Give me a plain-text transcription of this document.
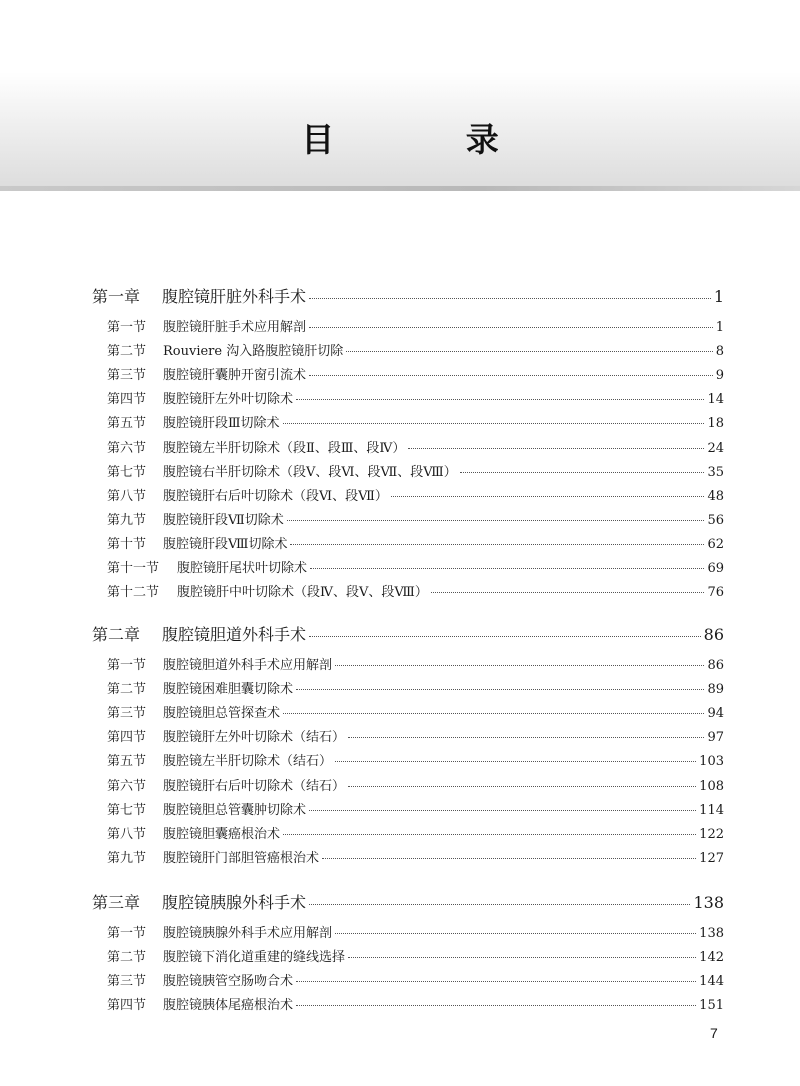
目 录
第一章	腹腔镜肝脏外科手术	1
第一节	腹腔镜肝脏手术应用解剖	1
第二节	Rouviere 沟入路腹腔镜肝切除	8
第三节	腹腔镜肝囊肿开窗引流术	9
第四节	腹腔镜肝左外叶切除术	14
第五节	腹腔镜肝段Ⅲ切除术	18
第六节	腹腔镜左半肝切除术（段Ⅱ、段Ⅲ、段Ⅳ）	24
第七节	腹腔镜右半肝切除术（段Ⅴ、段Ⅵ、段Ⅶ、段Ⅷ）	35
第八节	腹腔镜肝右后叶切除术（段Ⅵ、段Ⅶ）	48
第九节	腹腔镜肝段Ⅶ切除术	56
第十节	腹腔镜肝段Ⅷ切除术	62
第十一节	腹腔镜肝尾状叶切除术	69
第十二节	腹腔镜肝中叶切除术（段Ⅳ、段Ⅴ、段Ⅷ）	76
第二章	腹腔镜胆道外科手术	86
第一节	腹腔镜胆道外科手术应用解剖	86
第二节	腹腔镜困难胆囊切除术	89
第三节	腹腔镜胆总管探查术	94
第四节	腹腔镜肝左外叶切除术（结石）	97
第五节	腹腔镜左半肝切除术（结石）	103
第六节	腹腔镜肝右后叶切除术（结石）	108
第七节	腹腔镜胆总管囊肿切除术	114
第八节	腹腔镜胆囊癌根治术	122
第九节	腹腔镜肝门部胆管癌根治术	127
第三章	腹腔镜胰腺外科手术	138
第一节	腹腔镜胰腺外科手术应用解剖	138
第二节	腹腔镜下消化道重建的缝线选择	142
第三节	腹腔镜胰管空肠吻合术	144
第四节	腹腔镜胰体尾癌根治术	151
7
